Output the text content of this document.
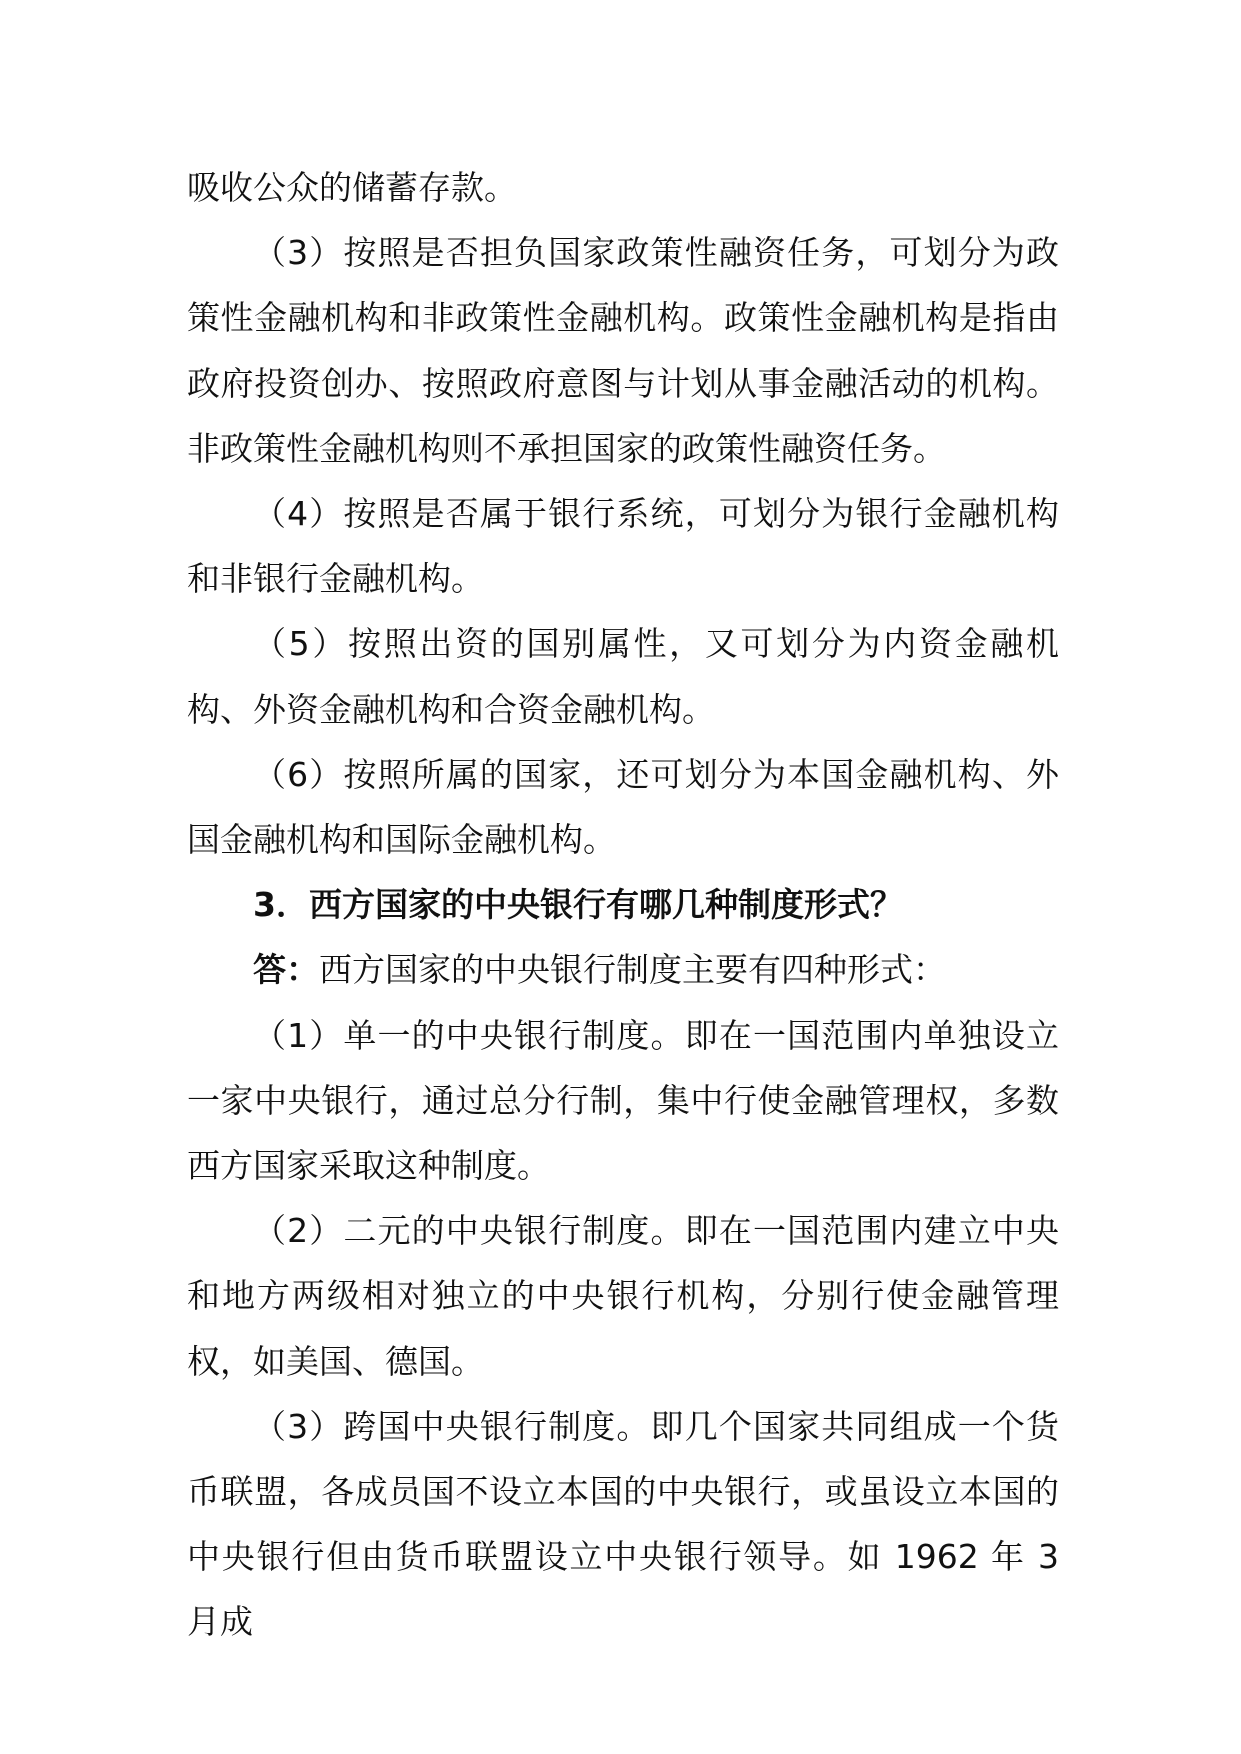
吸收公众的储蓄存款。

（3）按照是否担负国家政策性融资任务，可划分为政策性金融机构和非政策性金融机构。政策性金融机构是指由政府投资创办、按照政府意图与计划从事金融活动的机构。非政策性金融机构则不承担国家的政策性融资任务。

（4）按照是否属于银行系统，可划分为银行金融机构和非银行金融机构。

（5）按照出资的国别属性，又可划分为内资金融机构、外资金融机构和合资金融机构。

（6）按照所属的国家，还可划分为本国金融机构、外国金融机构和国际金融机构。

3．西方国家的中央银行有哪几种制度形式？

答：西方国家的中央银行制度主要有四种形式：

（1）单一的中央银行制度。即在一国范围内单独设立一家中央银行，通过总分行制，集中行使金融管理权，多数西方国家采取这种制度。

（2）二元的中央银行制度。即在一国范围内建立中央和地方两级相对独立的中央银行机构，分别行使金融管理权，如美国、德国。

（3）跨国中央银行制度。即几个国家共同组成一个货币联盟，各成员国不设立本国的中央银行，或虽设立本国的中央银行但由货币联盟设立中央银行领导。如 1962 年 3 月成
